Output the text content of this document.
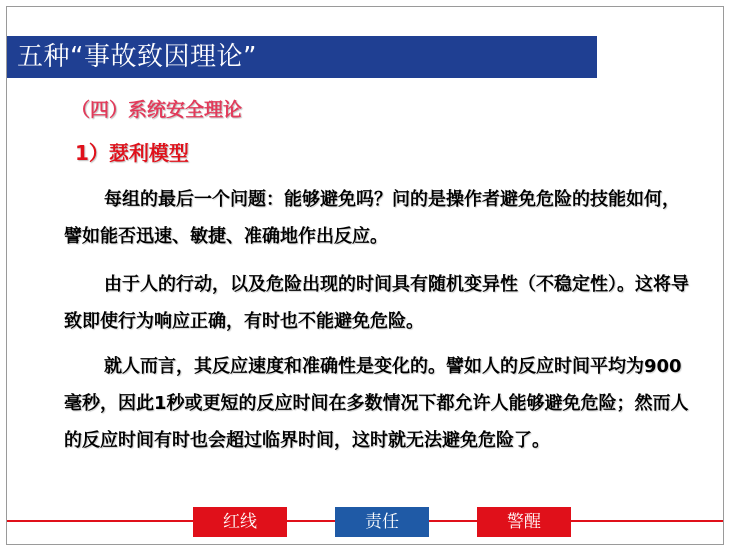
五种“事故致因理论”
（四）系统安全理论
1）瑟利模型

每组的最后一个问题：能够避免吗？问的是操作者避免危险的技能如何，譬如能否迅速、敏捷、准确地作出反应。

由于人的行动，以及危险出现的时间具有随机变异性（不稳定性）。这将导致即使行为响应正确，有时也不能避免危险。

就人而言，其反应速度和准确性是变化的。譬如人的反应时间平均为900毫秒，因此1秒或更短的反应时间在多数情况下都允许人能够避免危险；然而人的反应时间有时也会超过临界时间，这时就无法避免危险了。

红线	责任	警醒
